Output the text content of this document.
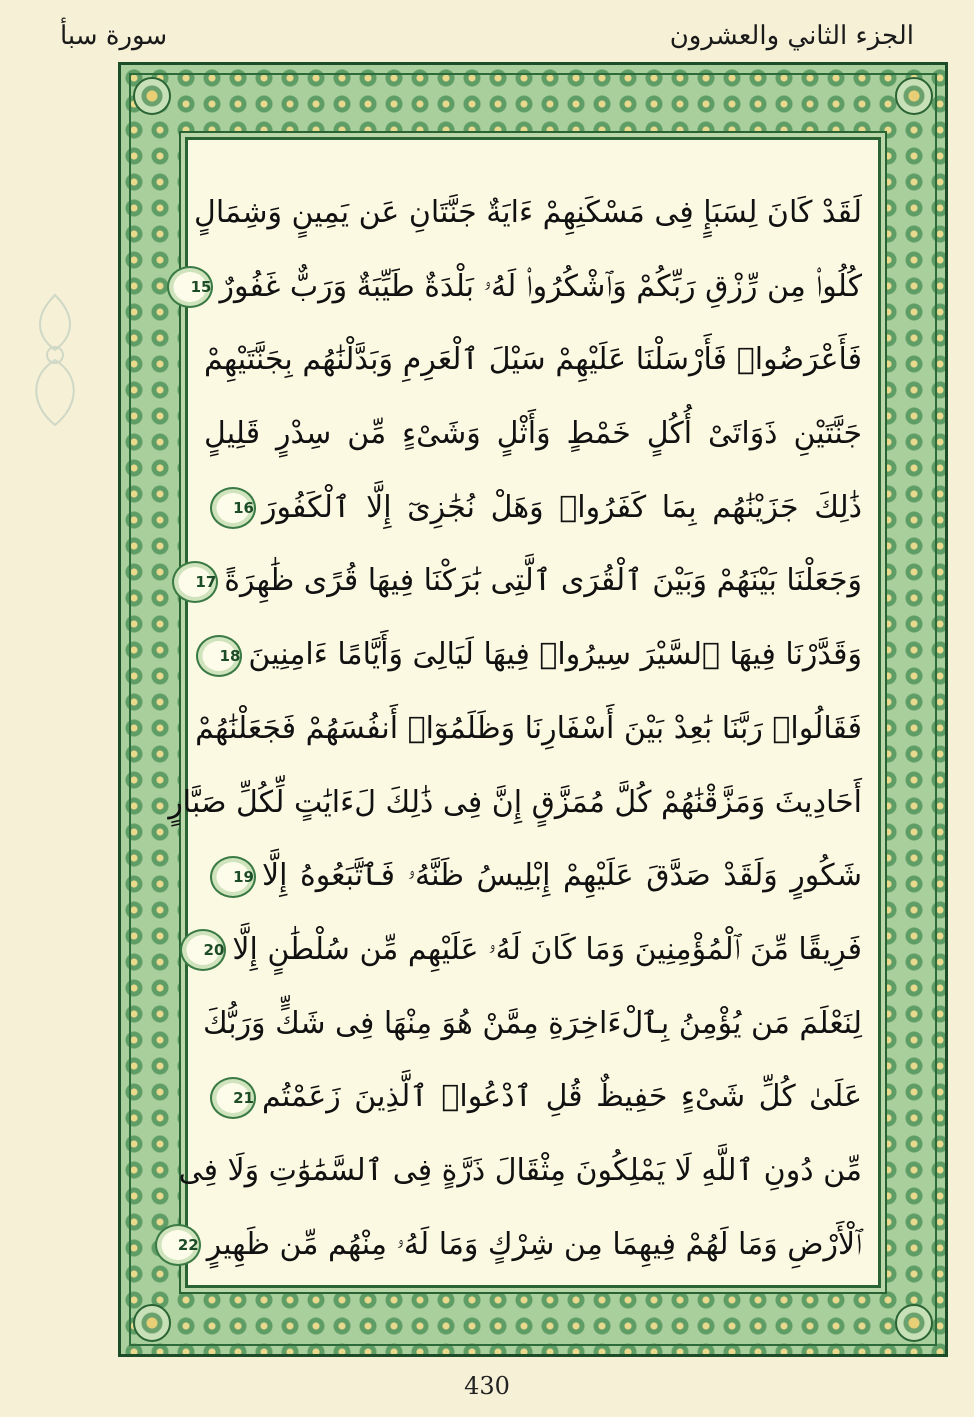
الجزء الثاني والعشرون
سورة سبأ
لَقَدْ كَانَ لِسَبَإٍ فِى مَسْكَنِهِمْ ءَايَةٌ جَنَّتَانِ عَن يَمِينٍ وَشِمَالٍ
كُلُوا۟ مِن رِّزْقِ رَبِّكُمْ وَٱشْكُرُوا۟ لَهُۥ بَلْدَةٌ طَيِّبَةٌ وَرَبٌّ غَفُورٌ15
فَأَعْرَضُوا۟ فَأَرْسَلْنَا عَلَيْهِمْ سَيْلَ ٱلْعَرِمِ وَبَدَّلْنَٰهُم بِجَنَّتَيْهِمْ
جَنَّتَيْنِ ذَوَاتَىْ أُكُلٍ خَمْطٍ وَأَثْلٍ وَشَىْءٍ مِّن سِدْرٍ قَلِيلٍ
ذَٰلِكَ جَزَيْنَٰهُم بِمَا كَفَرُوا۟ وَهَلْ نُجَٰزِىٓ إِلَّا ٱلْكَفُورَ16
وَجَعَلْنَا بَيْنَهُمْ وَبَيْنَ ٱلْقُرَى ٱلَّتِى بَٰرَكْنَا فِيهَا قُرًى ظَٰهِرَةً17
وَقَدَّرْنَا فِيهَا ٱلسَّيْرَ سِيرُوا۟ فِيهَا لَيَالِىَ وَأَيَّامًا ءَامِنِينَ18
فَقَالُوا۟ رَبَّنَا بَٰعِدْ بَيْنَ أَسْفَارِنَا وَظَلَمُوٓا۟ أَنفُسَهُمْ فَجَعَلْنَٰهُمْ
أَحَادِيثَ وَمَزَّقْنَٰهُمْ كُلَّ مُمَزَّقٍ إِنَّ فِى ذَٰلِكَ لَءَايَٰتٍ لِّكُلِّ صَبَّارٍ
شَكُورٍ وَلَقَدْ صَدَّقَ عَلَيْهِمْ إِبْلِيسُ ظَنَّهُۥ فَٱتَّبَعُوهُ إِلَّا19
فَرِيقًا مِّنَ ٱلْمُؤْمِنِينَ وَمَا كَانَ لَهُۥ عَلَيْهِم مِّن سُلْطَٰنٍ إِلَّا20
لِنَعْلَمَ مَن يُؤْمِنُ بِٱلْءَاخِرَةِ مِمَّنْ هُوَ مِنْهَا فِى شَكٍّ وَرَبُّكَ
عَلَىٰ كُلِّ شَىْءٍ حَفِيظٌ قُلِ ٱدْعُوا۟ ٱلَّذِينَ زَعَمْتُم21
مِّن دُونِ ٱللَّهِ لَا يَمْلِكُونَ مِثْقَالَ ذَرَّةٍ فِى ٱلسَّمَٰوَٰتِ وَلَا فِى
ٱلْأَرْضِ وَمَا لَهُمْ فِيهِمَا مِن شِرْكٍ وَمَا لَهُۥ مِنْهُم مِّن ظَهِيرٍ22
430
